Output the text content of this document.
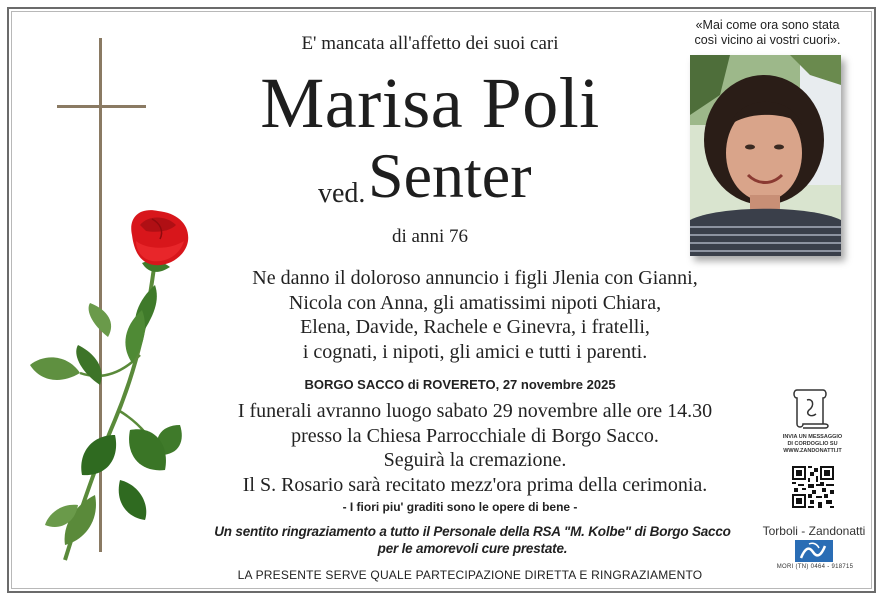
E' mancata all'affetto dei suoi cari
Marisa Poli
ved. Senter
di anni 76
«Mai come ora sono stata
così vicino ai vostri cuori».
Ne danno il doloroso annuncio i figli Jlenia con Gianni,
Nicola con Anna, gli amatissimi nipoti Chiara,
Elena, Davide, Rachele e Ginevra, i fratelli,
i cognati, i nipoti, gli amici e tutti i parenti.
BORGO SACCO di ROVERETO, 27 novembre 2025
I funerali avranno luogo sabato 29 novembre alle ore 14.30
presso la Chiesa Parrocchiale di Borgo Sacco.
Seguirà la cremazione.
Il S. Rosario sarà recitato mezz'ora prima della cerimonia.
- I fiori piu' graditi sono le opere di bene -
Un sentito ringraziamento a tutto il Personale della RSA "M. Kolbe" di Borgo Sacco
per le amorevoli cure prestate.
LA PRESENTE SERVE QUALE PARTECIPAZIONE DIRETTA E RINGRAZIAMENTO
INVIA UN MESSAGGIO
DI CORDOGLIO SU
WWW.ZANDONATTI.IT
Torboli - Zandonatti
MORI (TN) 0464 - 918715
